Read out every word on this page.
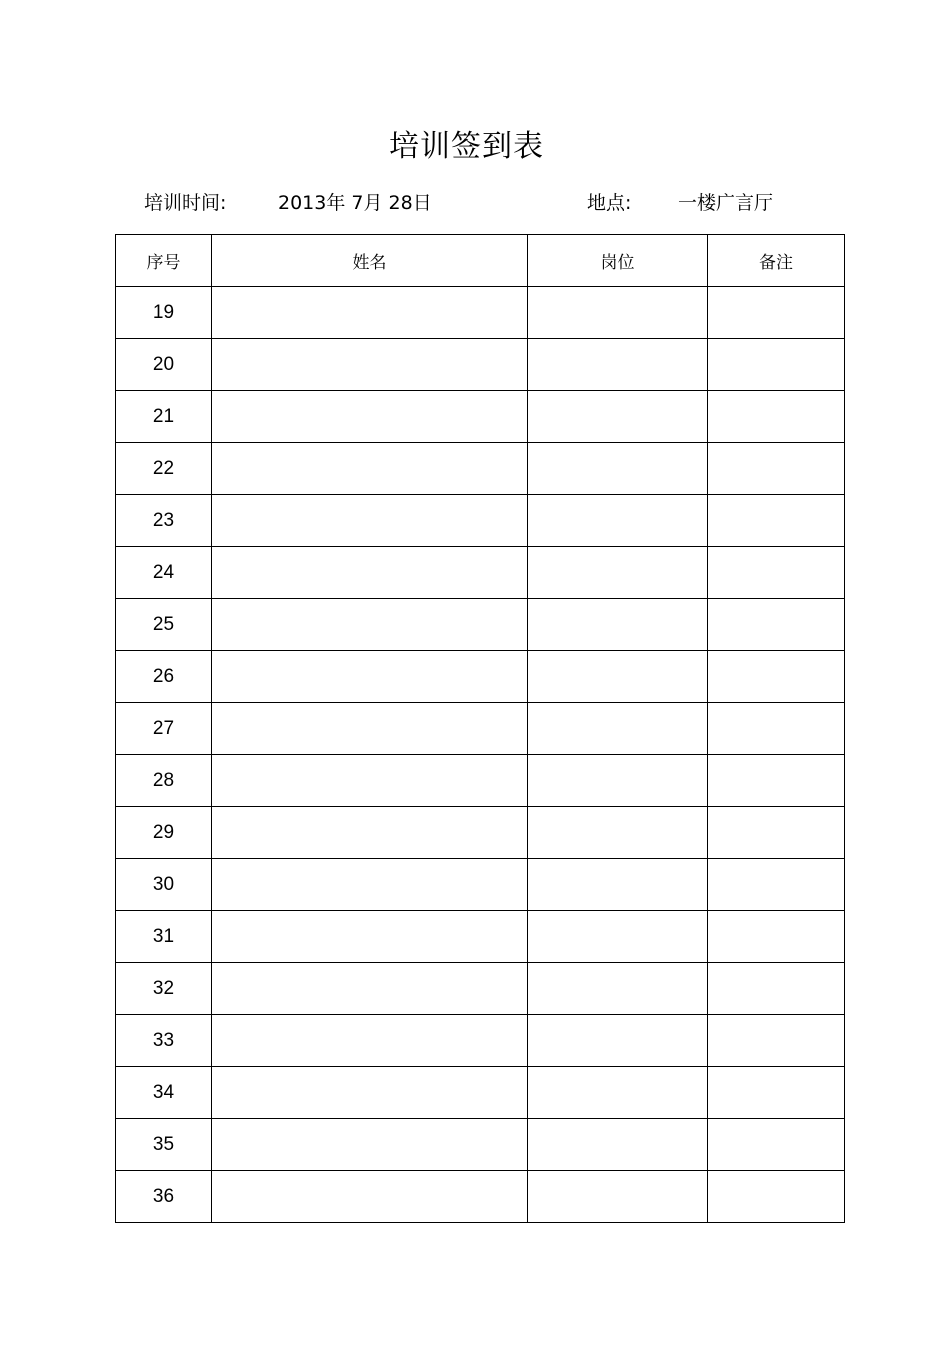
培训签到表
培训时间:	2013年 7月 28日	地点: 一楼广言厅
序号	姓名	岗位	备注
19			
20			
21			
22			
23			
24			
25			
26			
27			
28			
29			
30			
31			
32			
33			
34			
35			
36			
